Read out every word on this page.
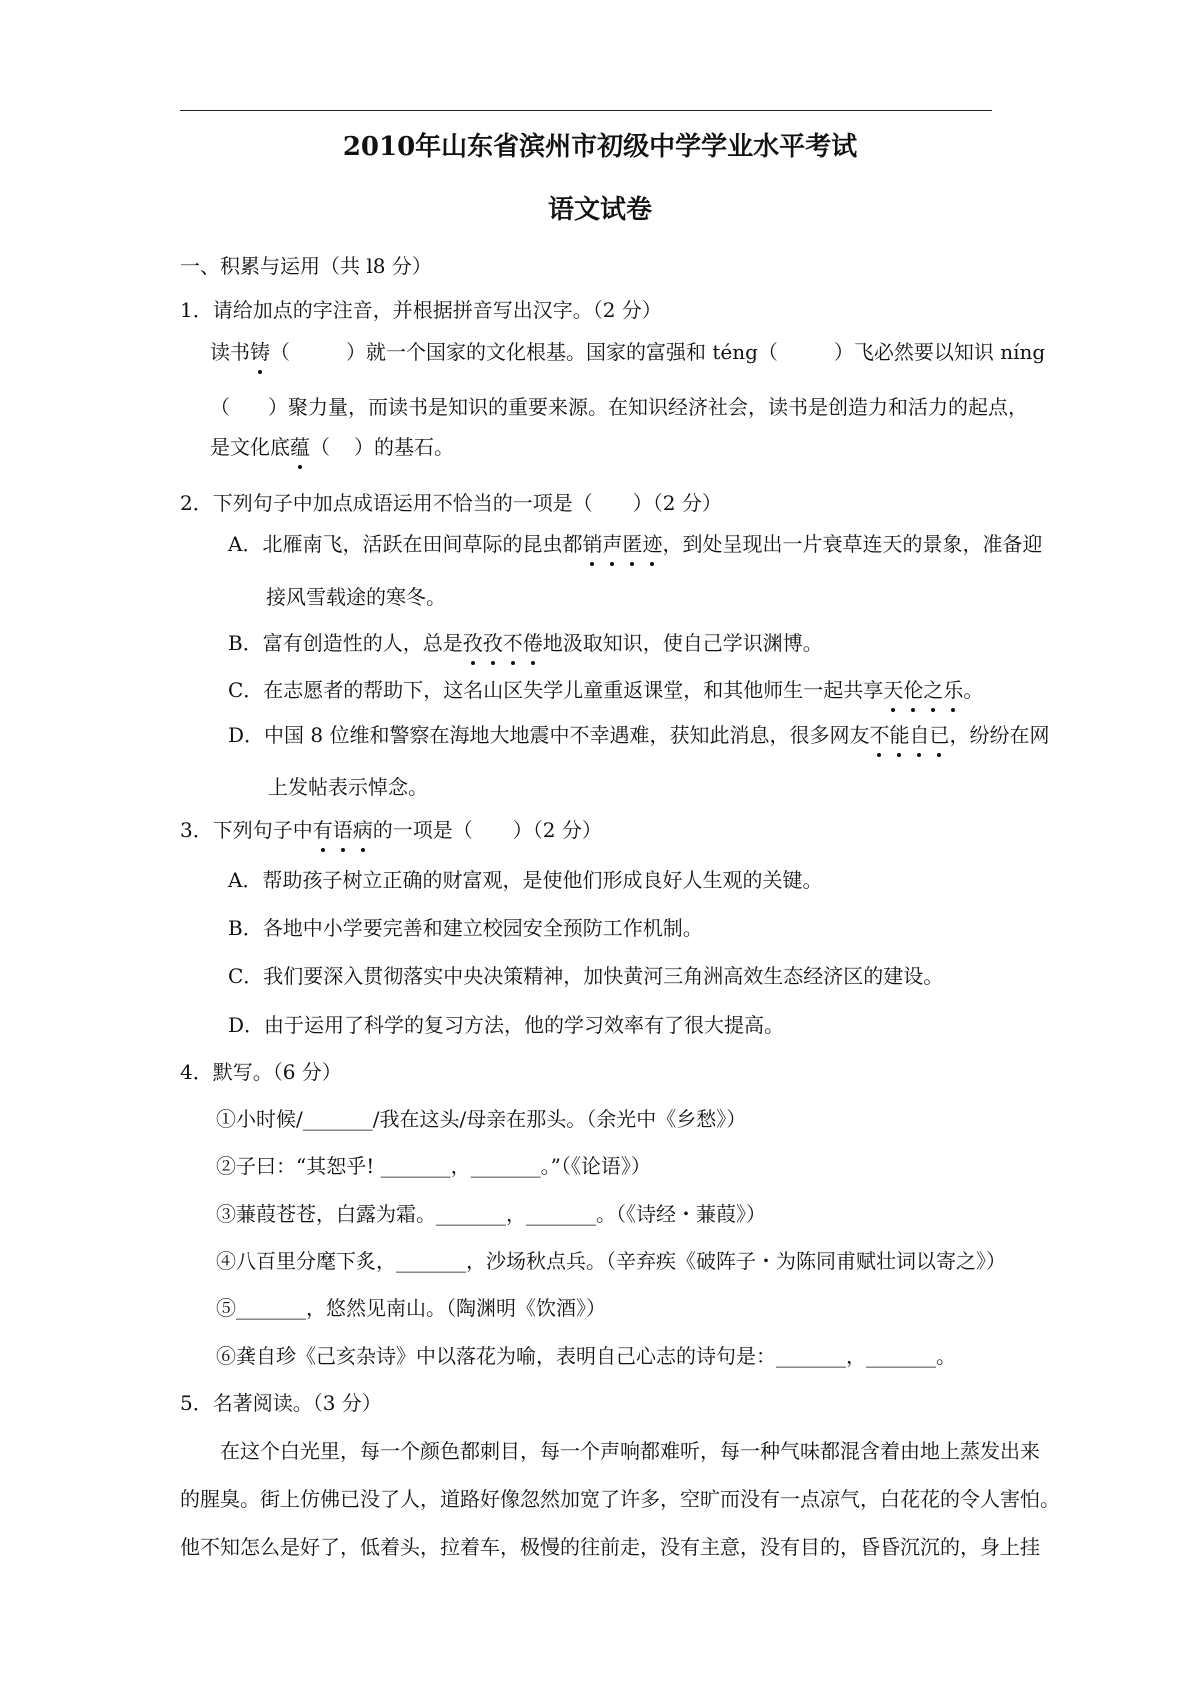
2010年山东省滨州市初级中学学业水平考试
语文试卷
一、积累与运用（共 l8 分）
1．请给加点的字注音，并根据拼音写出汉字。（2 分）
读书铸（	）就一个国家的文化根基。国家的富强和 téng（	）飞必然要以知识 níng
（ ）聚力量，而读书是知识的重要来源。在知识经济社会，读书是创造力和活力的起点，
是文化底蕴（ ）的基石。
2．下列句子中加点成语运用不恰当的一项是（ ）（2 分）
A．北雁南飞，活跃在田间草际的昆虫都销声匿迹，到处呈现出一片衰草连天的景象，准备迎
接风雪载途的寒冬。
B．富有创造性的人，总是孜孜不倦地汲取知识，使自己学识渊博。
C．在志愿者的帮助下，这名山区失学儿童重返课堂，和其他师生一起共享天伦之乐。
D．中国 8 位维和警察在海地大地震中不幸遇难，获知此消息，很多网友不能自已，纷纷在网
上发帖表示悼念。
3．下列句子中有语病的一项是（ ）（2 分）
A．帮助孩子树立正确的财富观，是使他们形成良好人生观的关键。
B．各地中小学要完善和建立校园安全预防工作机制。
C．我们要深入贯彻落实中央决策精神，加快黄河三角洲高效生态经济区的建设。
D．由于运用了科学的复习方法，他的学习效率有了很大提高。
4．默写。（6 分）
①小时候/_______/我在这头/母亲在那头。（余光中《乡愁》）
②子曰：“其恕乎! _______，_______。”（《论语》）
③蒹葭苍苍，白露为霜。_______，_______。（《诗经・蒹葭》）
④八百里分麾下炙，_______，沙场秋点兵。（辛弃疾《破阵子・为陈同甫赋壮词以寄之》）
⑤_______，悠然见南山。（陶渊明《饮酒》）
⑥龚自珍《己亥杂诗》中以落花为喻，表明自己心志的诗句是：_______，_______。
5．名著阅读。（3 分）
在这个白光里，每一个颜色都刺目，每一个声响都难听，每一种气味都混含着由地上蒸发出来
的腥臭。街上仿佛已没了人，道路好像忽然加宽了许多，空旷而没有一点凉气，白花花的令人害怕。
他不知怎么是好了，低着头，拉着车，极慢的往前走，没有主意，没有目的，昏昏沉沉的，身上挂
